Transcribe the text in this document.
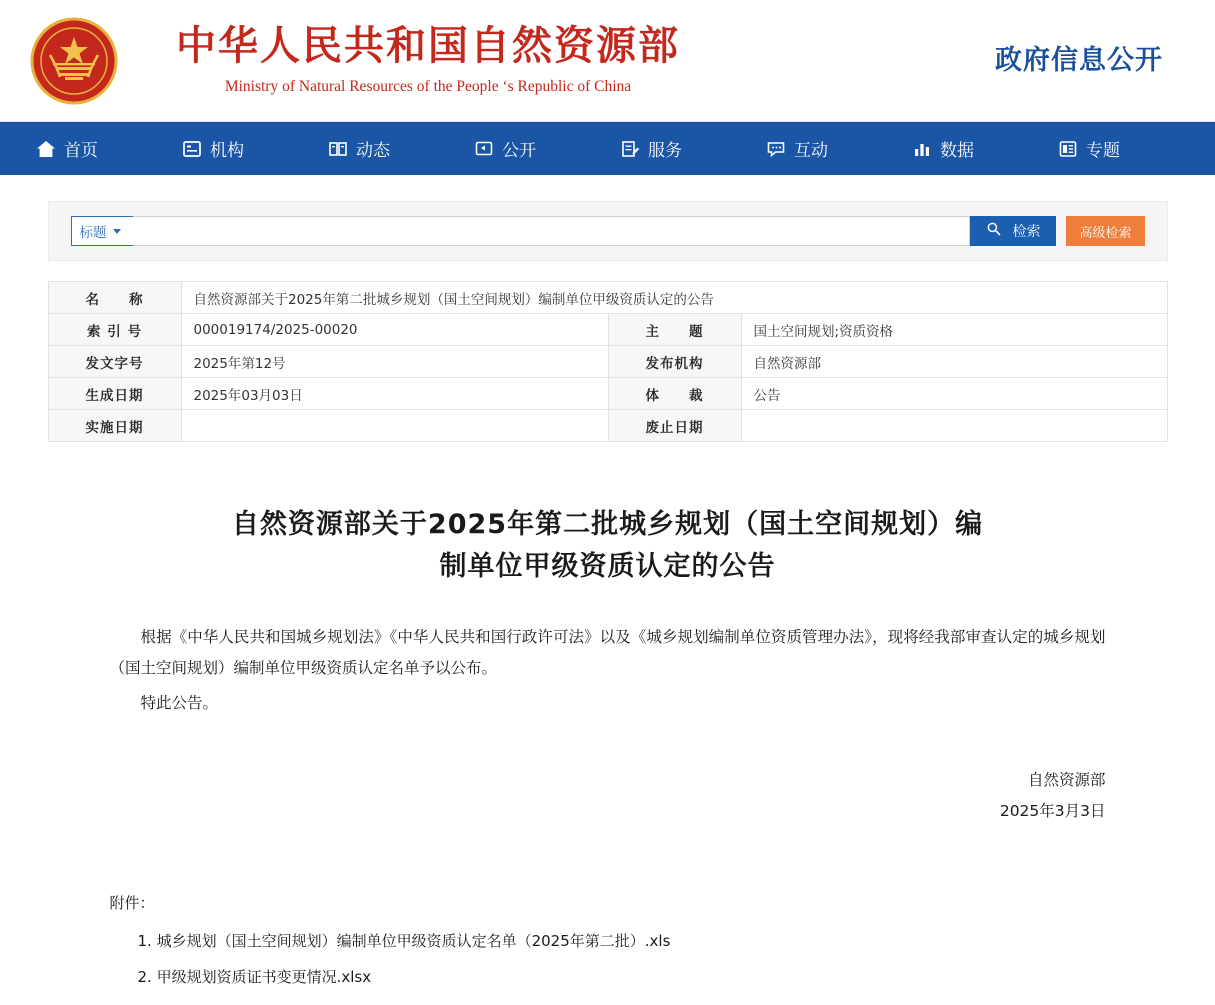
中华人民共和国自然资源部
Ministry of Natural Resources of the People ‘s Republic of China
政府信息公开
首页	机构	动态	公开	服务	互动	数据	专题
标题	检索	高级检索
名　　称	自然资源部关于2025年第二批城乡规划（国土空间规划）编制单位甲级资质认定的公告		
索 引 号	000019174/2025-00020	主　　题	国土空间规划;资质资格
发文字号	2025年第12号	发布机构	自然资源部
生成日期	2025年03月03日	体　　裁	公告
实施日期		废止日期	
自然资源部关于2025年第二批城乡规划（国土空间规划）编制单位甲级资质认定的公告

根据《中华人民共和国城乡规划法》《中华人民共和国行政许可法》以及《城乡规划编制单位资质管理办法》，现将经我部审查认定的城乡规划（国土空间规划）编制单位甲级资质认定名单予以公布。

特此公告。

自然资源部
2025年3月3日
附件：
1. 城乡规划（国土空间规划）编制单位甲级资质认定名单（2025年第二批）.xls
2. 甲级规划资质证书变更情况.xlsx
